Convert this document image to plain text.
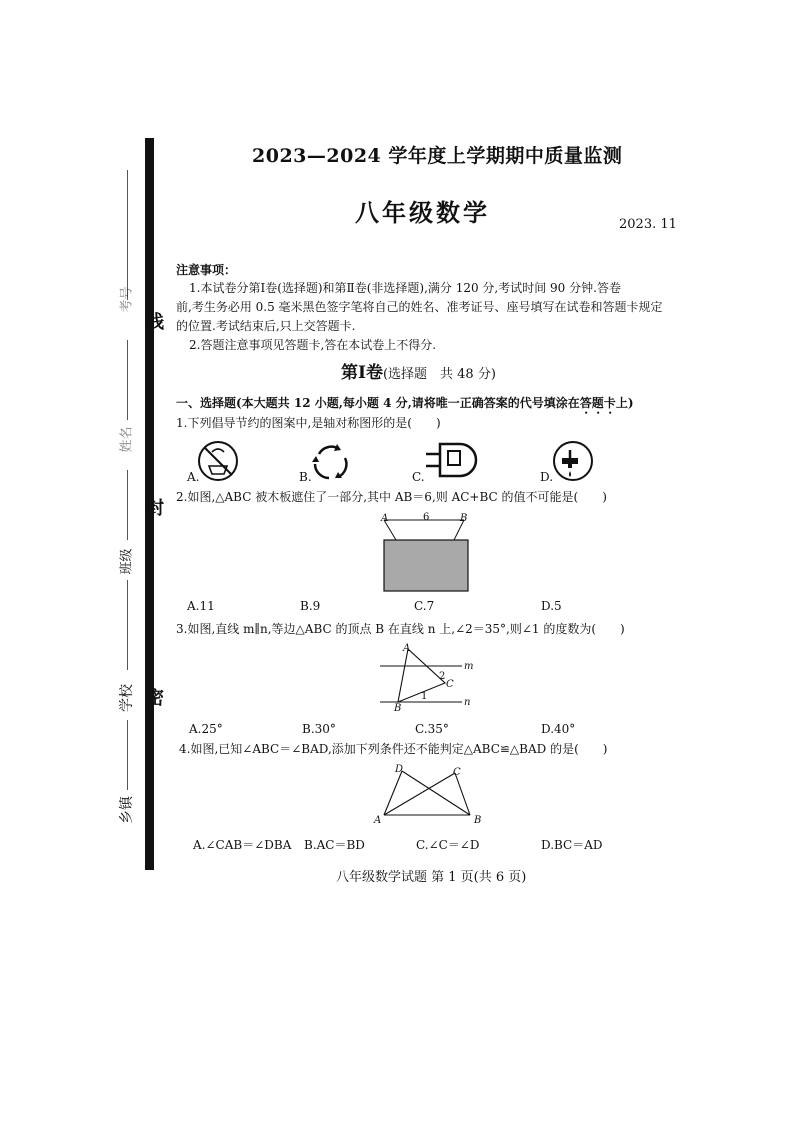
线
封
密
考号
姓名
班级
学校
乡镇
2023—2024 学年度上学期期中质量监测
八年级数学	2023. 11
注意事项：
1.本试卷分第Ⅰ卷(选择题)和第Ⅱ卷(非选择题),满分 120 分,考试时间 90 分钟.答卷
前,考生务必用 0.5 毫米黑色签字笔将自己的姓名、准考证号、座号填写在试卷和答题卡规定
的位置.考试结束后,只上交答题卡.
2.答题注意事项见答题卡,答在本试卷上不得分.
第Ⅰ卷(选择题　共 48 分)
一、选择题(本大题共 12 小题,每小题 4 分,请将唯一正确答案的代号填涂在答题卡上)
1.下列倡导节约的图案中,是轴对称图形的是(　　)
A.	B.	C.	D.
2.如图,△ABC 被木板遮住了一部分,其中 AB＝6,则 AC+BC 的值不可能是(　　)
A	B
6
A.11	B.9	C.7	D.5
3.如图,直线 m∥n,等边△ABC 的顶点 B 在直线 n 上,∠2＝35°,则∠1 的度数为(　　)
A
B
C
m
n
1
2
A.25°	B.30°	C.35°	D.40°
4.如图,已知∠ABC＝∠BAD,添加下列条件还不能判定△ABC≌△BAD 的是(　　)
D	C
A	B
A.∠CAB＝∠DBA B.AC＝BD	C.∠C＝∠D	D.BC＝AD
八年级数学试题 第 1 页(共 6 页)
